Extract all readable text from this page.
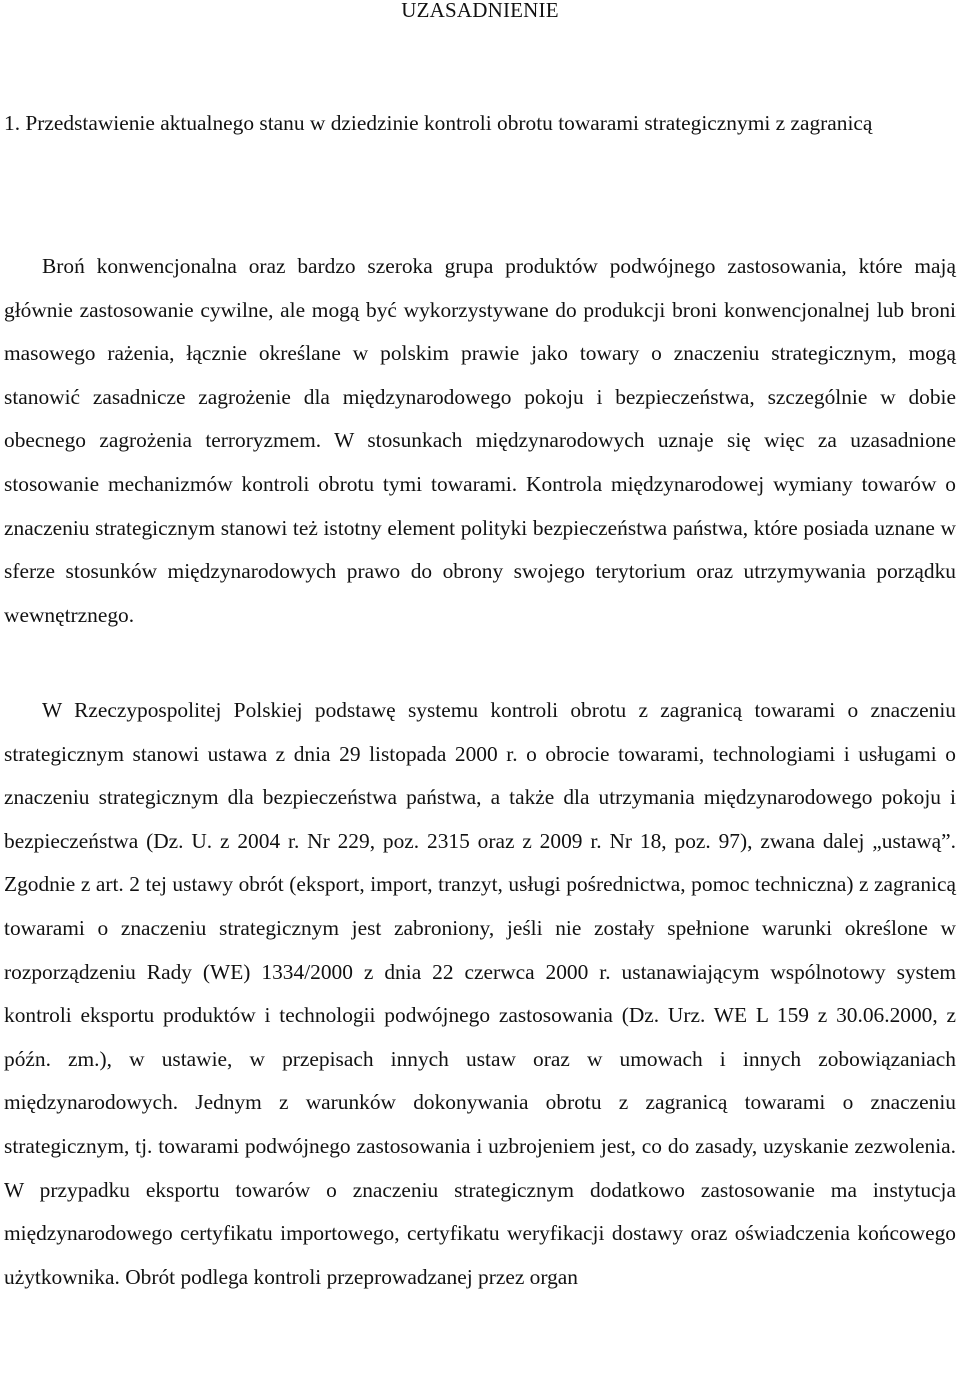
UZASADNIENIE
1. Przedstawienie aktualnego stanu w dziedzinie kontroli obrotu towarami strategicznymi z zagranicą

Broń konwencjonalna oraz bardzo szeroka grupa produktów podwójnego zastosowania, które mają głównie zastosowanie cywilne, ale mogą być wykorzystywane do produkcji broni konwencjonalnej lub broni masowego rażenia, łącznie określane w polskim prawie jako towary o znaczeniu strategicznym, mogą stanowić zasadnicze zagrożenie dla międzynarodowego pokoju i bezpieczeństwa, szczególnie w dobie obecnego zagrożenia terroryzmem. W stosunkach międzynarodowych uznaje się więc za uzasadnione stosowanie mechanizmów kontroli obrotu tymi towarami. Kontrola międzynarodowej wymiany towarów o znaczeniu strategicznym stanowi też istotny element polityki bezpieczeństwa państwa, które posiada uznane w sferze stosunków międzynarodowych prawo do obrony swojego terytorium oraz utrzymywania porządku wewnętrznego.

W Rzeczypospolitej Polskiej podstawę systemu kontroli obrotu z zagranicą towarami o znaczeniu strategicznym stanowi ustawa z dnia 29 listopada 2000 r. o obrocie towarami, technologiami i usługami o znaczeniu strategicznym dla bezpieczeństwa państwa, a także dla utrzymania międzynarodowego pokoju i bezpieczeństwa (Dz. U. z 2004 r. Nr 229, poz. 2315 oraz z 2009 r. Nr 18, poz. 97), zwana dalej „ustawą”. Zgodnie z art. 2 tej ustawy obrót (eksport, import, tranzyt, usługi pośrednictwa, pomoc techniczna) z zagranicą towarami o znaczeniu strategicznym jest zabroniony, jeśli nie zostały spełnione warunki określone w rozporządzeniu Rady (WE) 1334/2000 z dnia 22 czerwca 2000 r. ustanawiającym wspólnotowy system kontroli eksportu produktów i technologii podwójnego zastosowania (Dz. Urz. WE L 159 z 30.06.2000, z późn. zm.), w ustawie, w przepisach innych ustaw oraz w umowach i innych zobowiązaniach międzynarodowych. Jednym z warunków dokonywania obrotu z zagranicą towarami o znaczeniu strategicznym, tj. towarami podwójnego zastosowania i uzbrojeniem jest, co do zasady, uzyskanie zezwolenia. W przypadku eksportu towarów o znaczeniu strategicznym dodatkowo zastosowanie ma instytucja międzynarodowego certyfikatu importowego, certyfikatu weryfikacji dostawy oraz oświadczenia końcowego użytkownika. Obrót podlega kontroli przeprowadzanej przez organ
